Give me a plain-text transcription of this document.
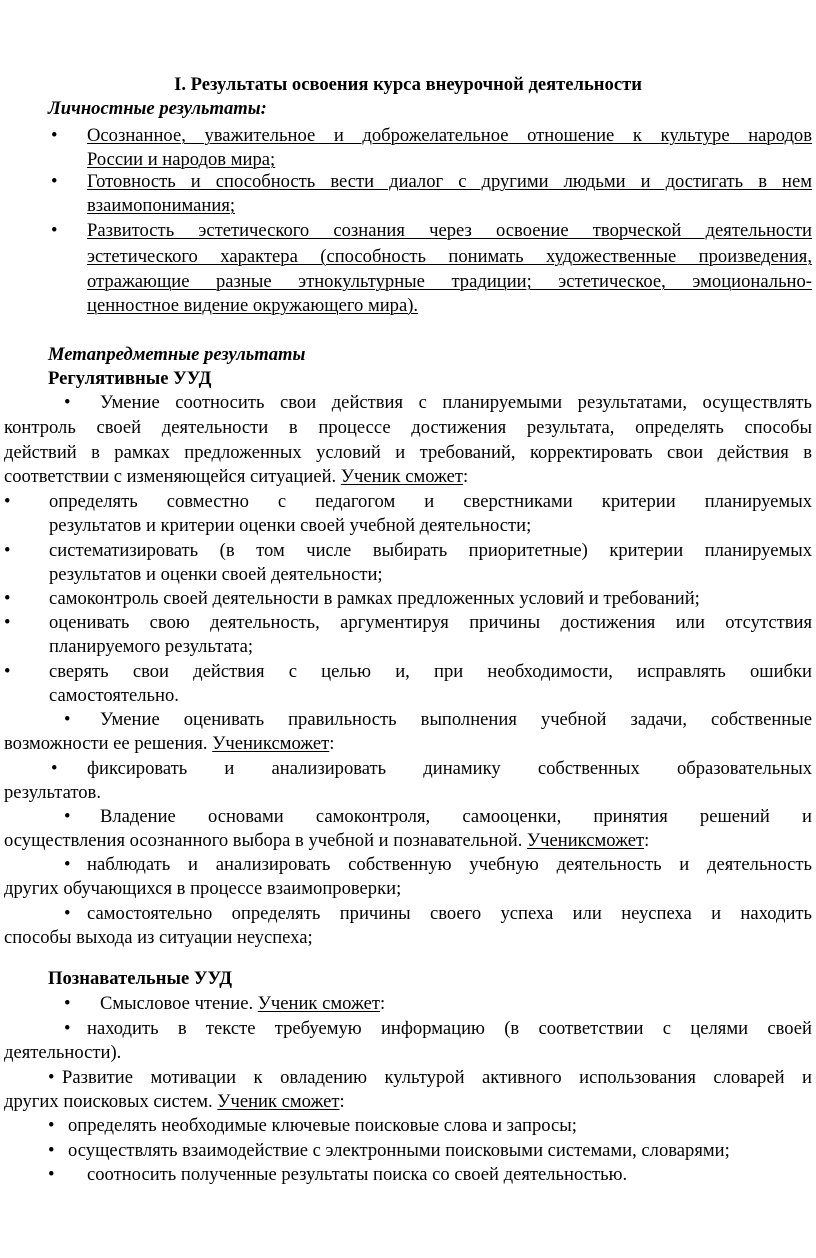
I. Результаты освоения курса внеурочной деятельности
Личностные результаты:
• Осознанное, уважительное и доброжелательное отношение к культуре народов
России и народов мира;
• Готовность и способность вести диалог с другими людьми и достигать в нем
взаимопонимания;
• Развитость эстетического сознания через освоение творческой деятельности
эстетического характера (способность понимать художественные произведения,
отражающие разные этнокультурные традиции; эстетическое, эмоционально-
ценностное видение окружающего мира).
Метапредметные результаты
Регулятивные УУД
• Умение соотносить свои действия с планируемыми результатами, осуществлять
контроль своей деятельности в процессе достижения результата, определять способы
действий в рамках предложенных условий и требований, корректировать свои действия в
соответствии с изменяющейся ситуацией. Ученик сможет:
• определять совместно с педагогом и сверстниками критерии планируемых
результатов и критерии оценки своей учебной деятельности;
• систематизировать (в том числе выбирать приоритетные) критерии планируемых
результатов и оценки своей деятельности;
• самоконтроль своей деятельности в рамках предложенных условий и требований;
• оценивать свою деятельность, аргументируя причины достижения или отсутствия
планируемого результата;
• сверять свои действия с целью и, при необходимости, исправлять ошибки
самостоятельно.
• Умение оценивать правильность выполнения учебной задачи, собственные
возможности ее решения. Учениксможет:
• фиксировать и анализировать динамику собственных образовательных
результатов.
• Владение основами самоконтроля, самооценки, принятия решений и
осуществления осознанного выбора в учебной и познавательной. Учениксможет:
• наблюдать и анализировать собственную учебную деятельность и деятельность
других обучающихся в процессе взаимопроверки;
• самостоятельно определять причины своего успеха или неуспеха и находить
способы выхода из ситуации неуспеха;
Познавательные УУД
• Смысловое чтение. Ученик сможет:
• находить в тексте требуемую информацию (в соответствии с целями своей
деятельности).
• Развитие мотивации к овладению культурой активного использования словарей и
других поисковых систем. Ученик сможет:
• определять необходимые ключевые поисковые слова и запросы;
• осуществлять взаимодействие с электронными поисковыми системами, словарями;
• соотносить полученные результаты поиска со своей деятельностью.
